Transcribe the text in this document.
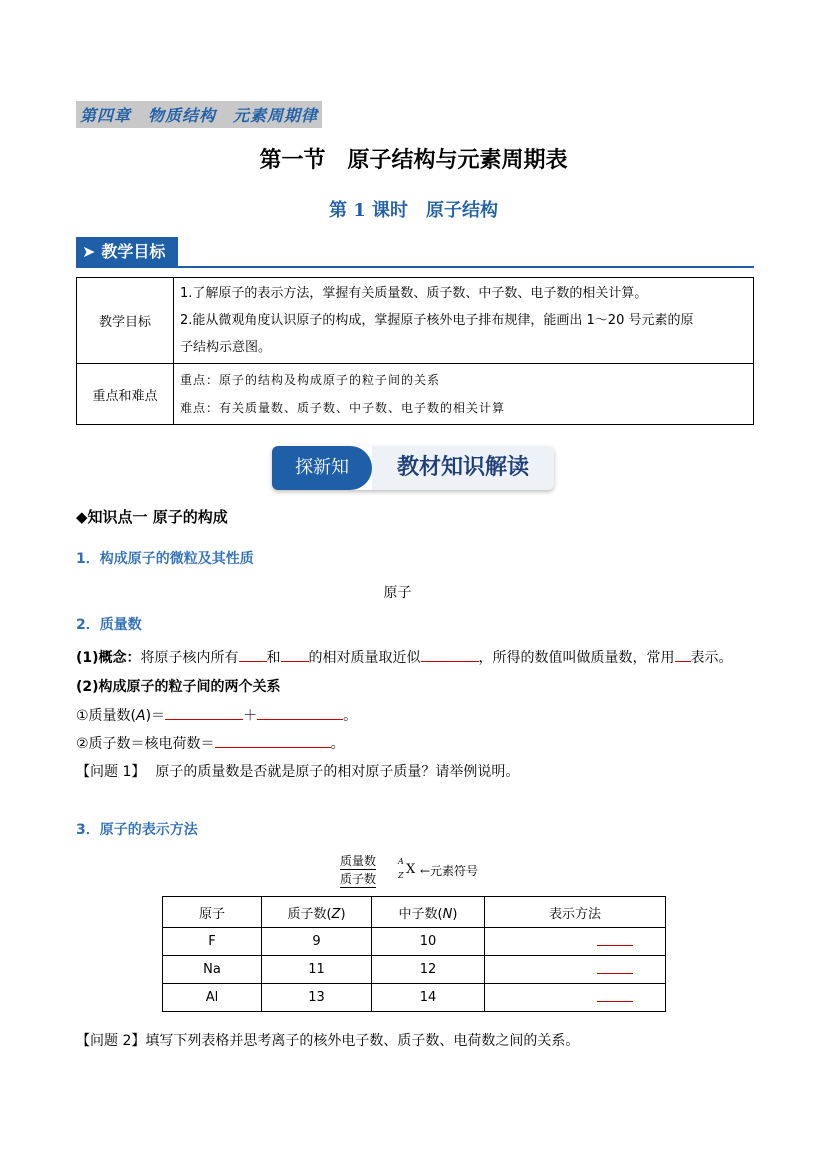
第四章　物质结构　元素周期律
第一节　原子结构与元素周期表
第 1 课时　原子结构
➤ 教学目标
教学目标	1.了解原子的表示方法，掌握有关质量数、质子数、中子数、电子数的相关计算。
2.能从微观角度认识原子的构成，掌握原子核外电子排布规律，能画出 1～20 号元素的原
子结构示意图。

重点和难点	重点：原子的结构及构成原子的粒子间的关系
难点：有关质量数、质子数、中子数、电子数的相关计算
探新知	教材知识解读
◆知识点一 原子的构成
1．构成原子的微粒及其性质
原子
2．质量数
(1)概念：将原子核内所有 和 的相对质量取近似	，所得的数值叫做质量数，常用 表示。
(2)构成原子的粒子间的两个关系
①质量数(A)＝	＋	。
②质子数＝核电荷数＝	。
【问题 1】 原子的质量数是否就是原子的相对原子质量？请举例说明。
3．原子的表示方法
质量数
质子数
A
Z X ←元素符号
原子	质子数(Z)	中子数(N)	表示方法
F	9	10	
Na	11	12	
Al	13	14	
【问题 2】填写下列表格并思考离子的核外电子数、质子数、电荷数之间的关系。
